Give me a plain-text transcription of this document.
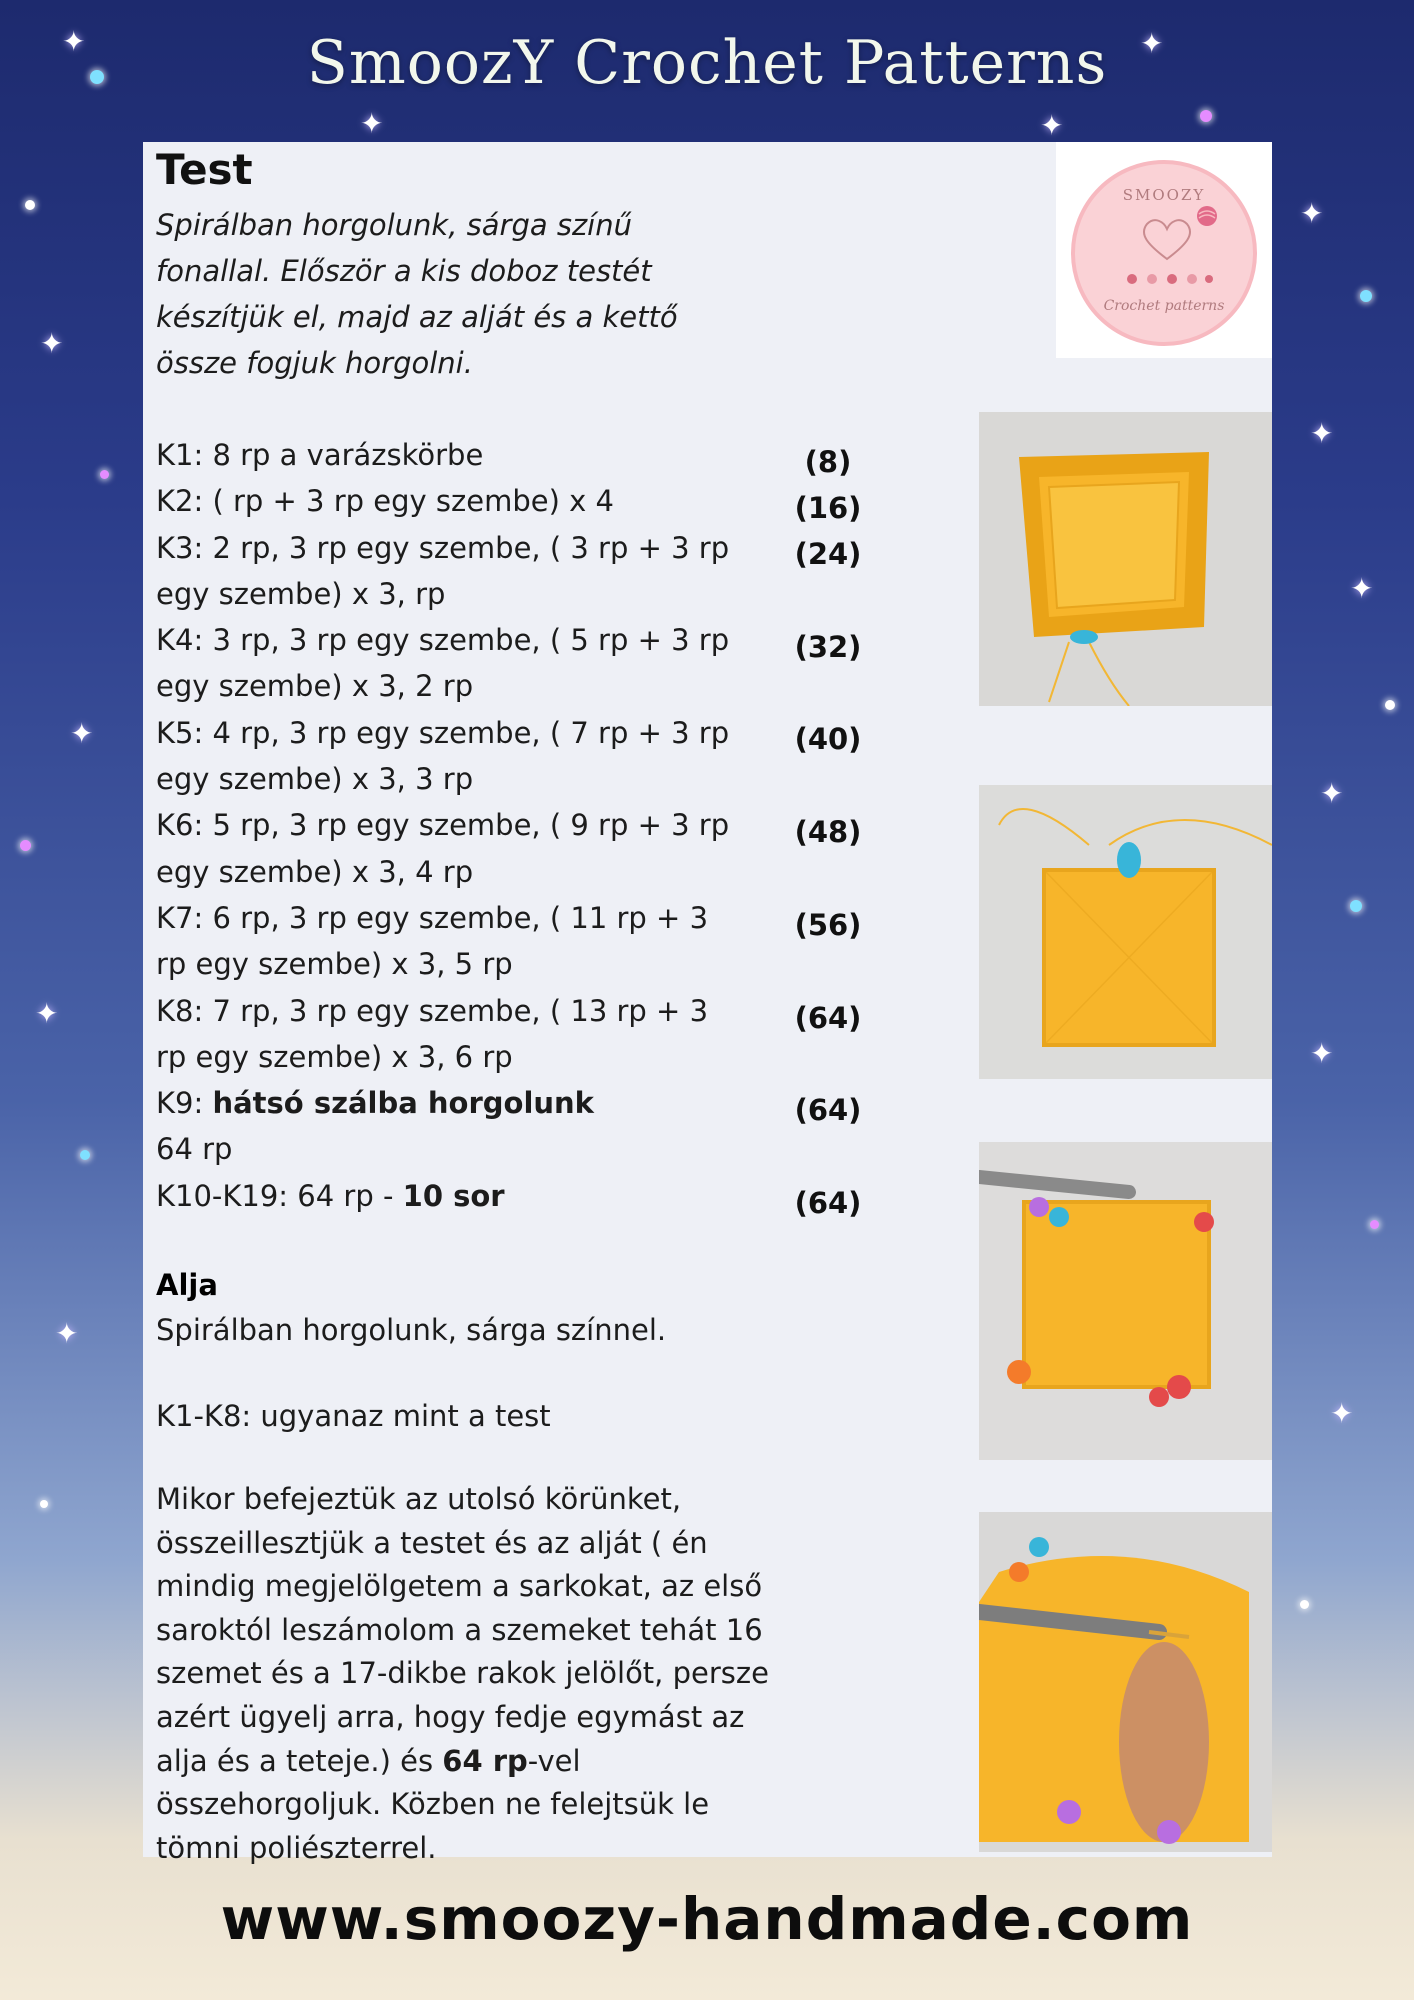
✦	✦
✦	✦
✦
✦
✦
✦
✦
✦
✦
✦
✦
✦
SmoozY Crochet Patterns
SMOOZY
Crochet patterns
Test
Spirálban horgolunk, sárga színű fonallal. Először a kis doboz testét készítjük el, majd az alját és a kettő össze fogjuk horgolni.
K1: 8 rp a varázskörbe
K2: ( rp + 3 rp egy szembe) x 4
K3: 2 rp, 3 rp egy szembe, ( 3 rp + 3 rp
egy szembe) x 3, rp
K4: 3 rp, 3 rp egy szembe, ( 5 rp + 3 rp
egy szembe) x 3, 2 rp
K5: 4 rp, 3 rp egy szembe, ( 7 rp + 3 rp
egy szembe) x 3, 3 rp
K6: 5 rp, 3 rp egy szembe, ( 9 rp + 3 rp
egy szembe) x 3, 4 rp
K7: 6 rp, 3 rp egy szembe, ( 11 rp + 3
rp egy szembe) x 3, 5 rp
K8: 7 rp, 3 rp egy szembe, ( 13 rp + 3
rp egy szembe) x 3, 6 rp
K9: hátsó szálba horgolunk
64 rp
K10-K19: 64 rp - 10 sor
(8)
(16)
(24)
(32)
(40)
(48)
(56)
(64)
(64)
(64)
Alja
Spirálban horgolunk, sárga színnel.
K1-K8: ugyanaz mint a test
Mikor befejeztük az utolsó körünket, összeillesztjük a testet és az alját ( én mindig megjelölgetem a sarkokat, az első saroktól leszámolom a szemeket tehát 16 szemet és a 17-dikbe rakok jelölőt, persze azért ügyelj arra, hogy fedje egymást az alja és a teteje.) és 64 rp-vel összehorgoljuk. Közben ne felejtsük le tömni poliészterrel.
www.smoozy-handmade.com
